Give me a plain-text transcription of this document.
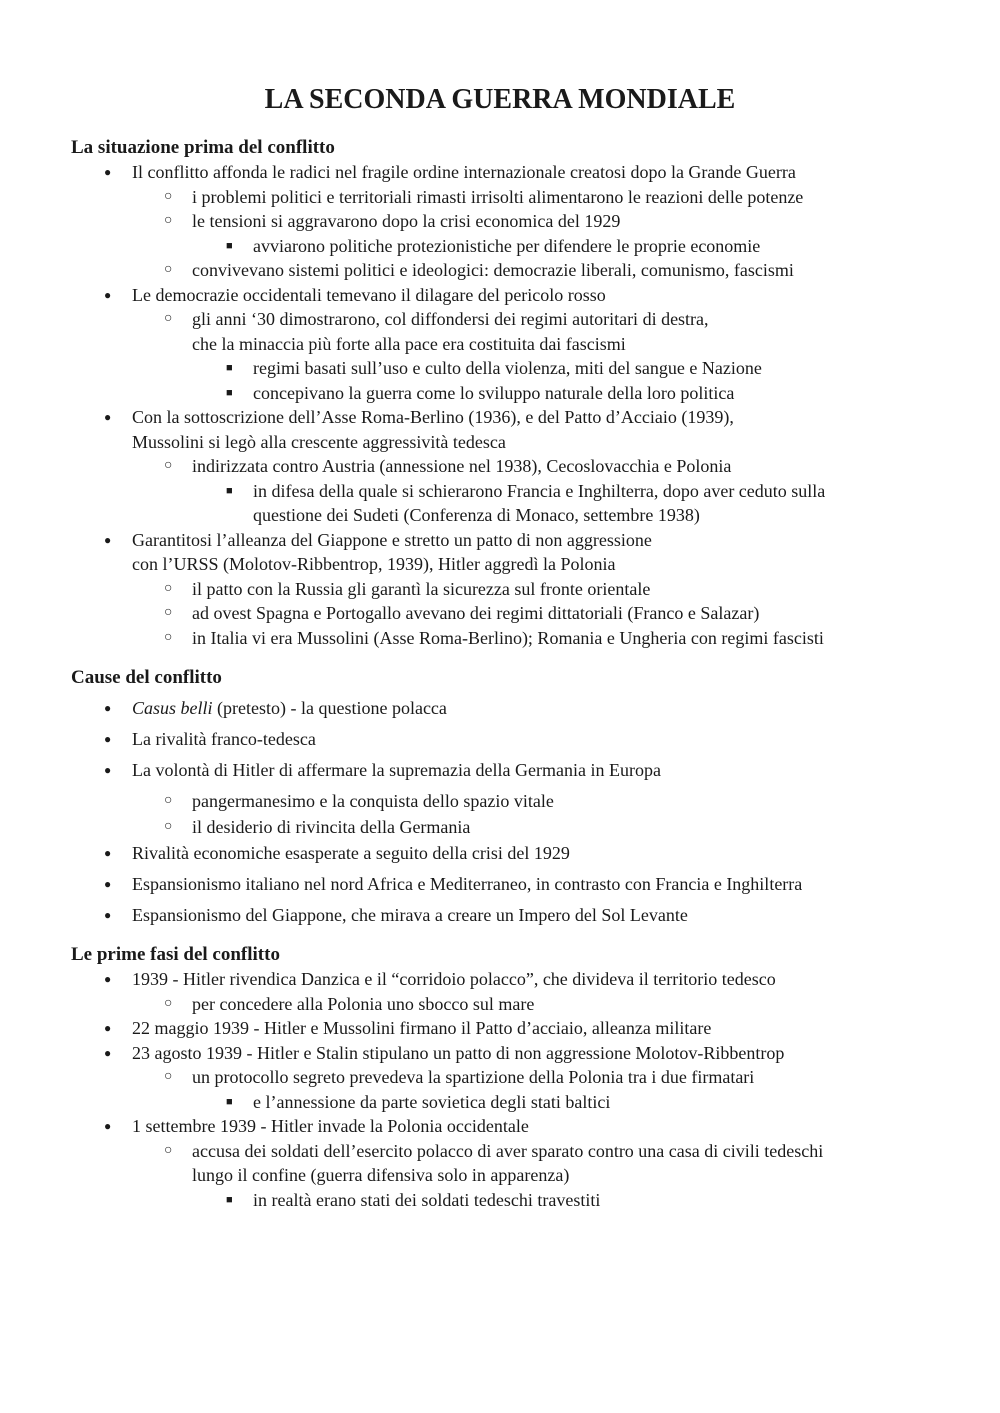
LA SECONDA GUERRA MONDIALE
La situazione prima del conflitto
● Il conflitto affonda le radici nel fragile ordine internazionale creatosi dopo la Grande Guerra
○ i problemi politici e territoriali rimasti irrisolti alimentarono le reazioni delle potenze
○ le tensioni si aggravarono dopo la crisi economica del 1929
■ avviarono politiche protezionistiche per difendere le proprie economie
○ convivevano sistemi politici e ideologici: democrazie liberali, comunismo, fascismi
● Le democrazie occidentali temevano il dilagare del pericolo rosso
○ gli anni ‘30 dimostrarono, col diffondersi dei regimi autoritari di destra,
che la minaccia più forte alla pace era costituita dai fascismi
■ regimi basati sull’uso e culto della violenza, miti del sangue e Nazione
■ concepivano la guerra come lo sviluppo naturale della loro politica
● Con la sottoscrizione dell’Asse Roma-Berlino (1936), e del Patto d’Acciaio (1939),
Mussolini si legò alla crescente aggressività tedesca
○ indirizzata contro Austria (annessione nel 1938), Cecoslovacchia e Polonia
■ in difesa della quale si schierarono Francia e Inghilterra, dopo aver ceduto sulla
questione dei Sudeti (Conferenza di Monaco, settembre 1938)
● Garantitosi l’alleanza del Giappone e stretto un patto di non aggressione
con l’URSS (Molotov-Ribbentrop, 1939), Hitler aggredì la Polonia
○ il patto con la Russia gli garantì la sicurezza sul fronte orientale
○ ad ovest Spagna e Portogallo avevano dei regimi dittatoriali (Franco e Salazar)
○ in Italia vi era Mussolini (Asse Roma-Berlino); Romania e Ungheria con regimi fascisti
Cause del conflitto
● Casus belli (pretesto) - la questione polacca
● La rivalità franco-tedesca
● La volontà di Hitler di affermare la supremazia della Germania in Europa
○ pangermanesimo e la conquista dello spazio vitale
○ il desiderio di rivincita della Germania
● Rivalità economiche esasperate a seguito della crisi del 1929
● Espansionismo italiano nel nord Africa e Mediterraneo, in contrasto con Francia e Inghilterra
● Espansionismo del Giappone, che mirava a creare un Impero del Sol Levante
Le prime fasi del conflitto
● 1939 - Hitler rivendica Danzica e il “corridoio polacco”, che divideva il territorio tedesco
○ per concedere alla Polonia uno sbocco sul mare
● 22 maggio 1939 - Hitler e Mussolini firmano il Patto d’acciaio, alleanza militare
● 23 agosto 1939 - Hitler e Stalin stipulano un patto di non aggressione Molotov-Ribbentrop
○ un protocollo segreto prevedeva la spartizione della Polonia tra i due firmatari
■ e l’annessione da parte sovietica degli stati baltici
● 1 settembre 1939 - Hitler invade la Polonia occidentale
○ accusa dei soldati dell’esercito polacco di aver sparato contro una casa di civili tedeschi
lungo il confine (guerra difensiva solo in apparenza)
■ in realtà erano stati dei soldati tedeschi travestiti
